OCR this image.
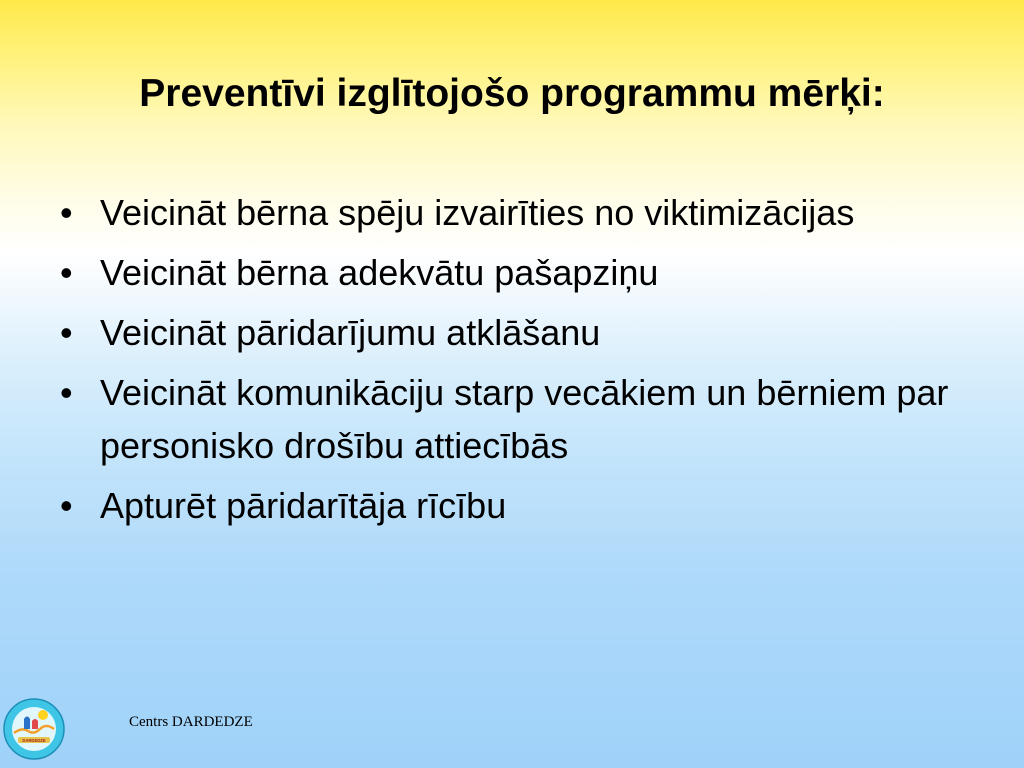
Preventīvi izglītojošo programmu mērķi:
• Veicināt bērna spēju izvairīties no viktimizācijas
• Veicināt bērna adekvātu pašapziņu
• Veicināt pāridarījumu atklāšanu
• Veicināt komunikāciju starp vecākiem un bērniem par personisko drošību attiecībās
• Apturēt pāridarītāja rīcību
DARDEDZE
Centrs DARDEDZE
